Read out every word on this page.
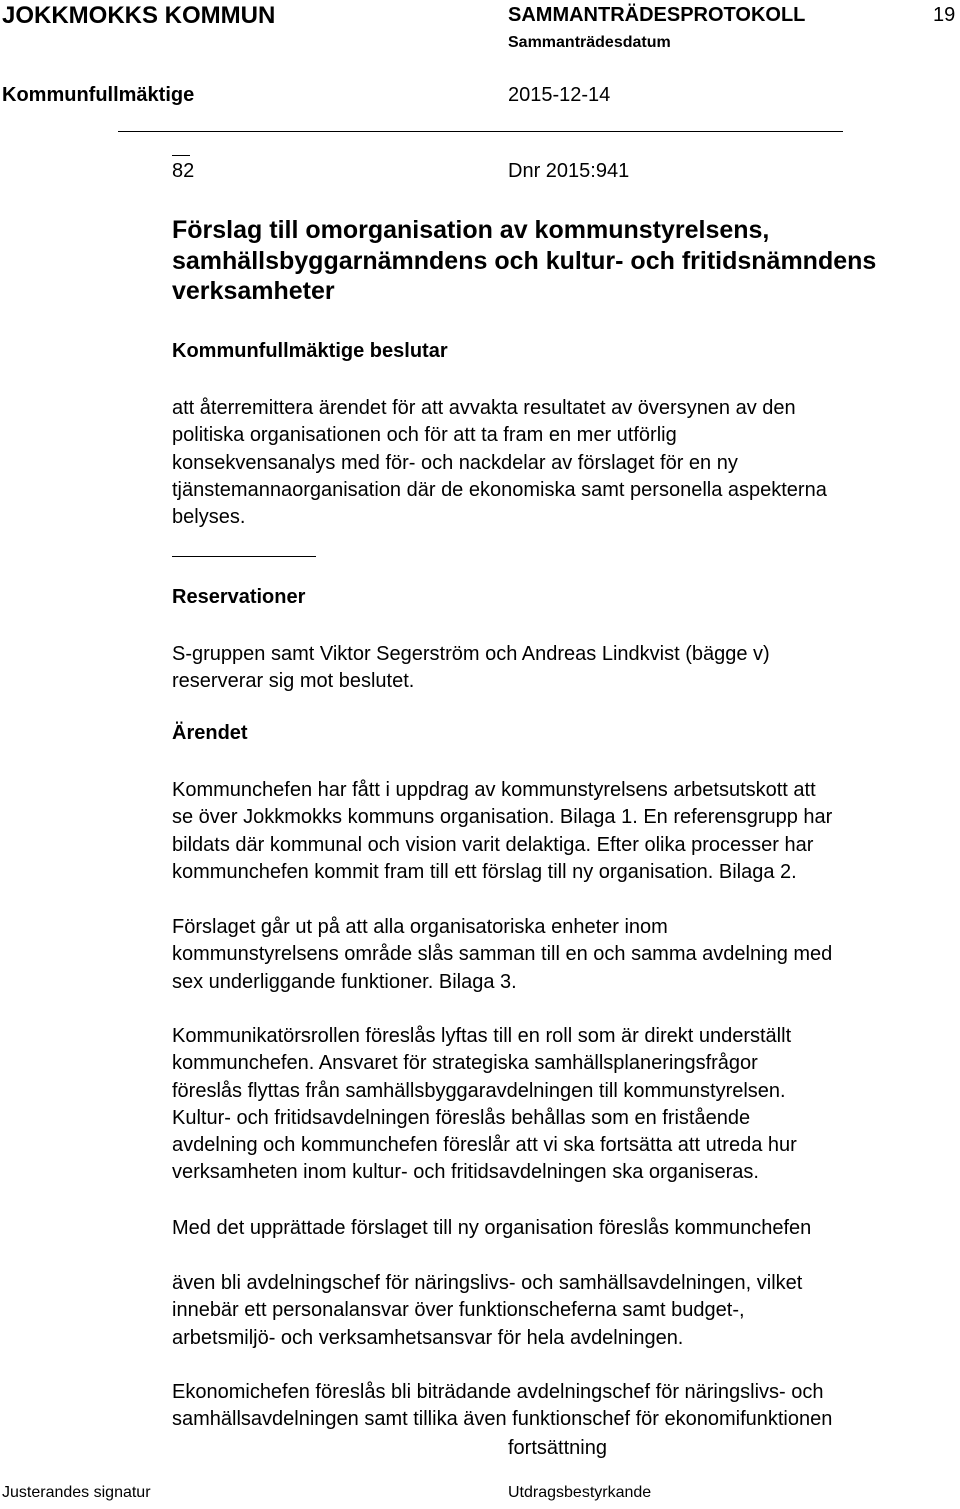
JOKKMOKKS KOMMUN	SAMMANTRÄDESPROTOKOLL	19
Sammanträdesdatum
Kommunfullmäktige	2015-12-14
82	Dnr 2015:941
Förslag till omorganisation av kommunstyrelsens,
samhällsbyggarnämndens och kultur- och fritidsnämndens
verksamheter
Kommunfullmäktige beslutar
att återremittera ärendet för att avvakta resultatet av översynen av den
politiska organisationen och för att ta fram en mer utförlig
konsekvensanalys med för- och nackdelar av förslaget för en ny
tjänstemannaorganisation där de ekonomiska samt personella aspekterna
belyses.
Reservationer
S-gruppen samt Viktor Segerström och Andreas Lindkvist (bägge v)
reserverar sig mot beslutet.
Ärendet
Kommunchefen har fått i uppdrag av kommunstyrelsens arbetsutskott att
se över Jokkmokks kommuns organisation. Bilaga 1. En referensgrupp har
bildats där kommunal och vision varit delaktiga. Efter olika processer har
kommunchefen kommit fram till ett förslag till ny organisation. Bilaga 2.
Förslaget går ut på att alla organisatoriska enheter inom
kommunstyrelsens område slås samman till en och samma avdelning med
sex underliggande funktioner. Bilaga 3.
Kommunikatörsrollen föreslås lyftas till en roll som är direkt underställt
kommunchefen. Ansvaret för strategiska samhällsplaneringsfrågor
föreslås flyttas från samhällsbyggaravdelningen till kommunstyrelsen.
Kultur- och fritidsavdelningen föreslås behållas som en fristående
avdelning och kommunchefen föreslår att vi ska fortsätta att utreda hur
verksamheten inom kultur- och fritidsavdelningen ska organiseras.
Med det upprättade förslaget till ny organisation föreslås kommunchefen
även bli avdelningschef för näringslivs- och samhällsavdelningen, vilket
innebär ett personalansvar över funktionscheferna samt budget-,
arbetsmiljö- och verksamhetsansvar för hela avdelningen.
Ekonomichefen föreslås bli biträdande avdelningschef för näringslivs- och
samhällsavdelningen samt tillika även funktionschef för ekonomifunktionen
fortsättning
Justerandes signatur	Utdragsbestyrkande
